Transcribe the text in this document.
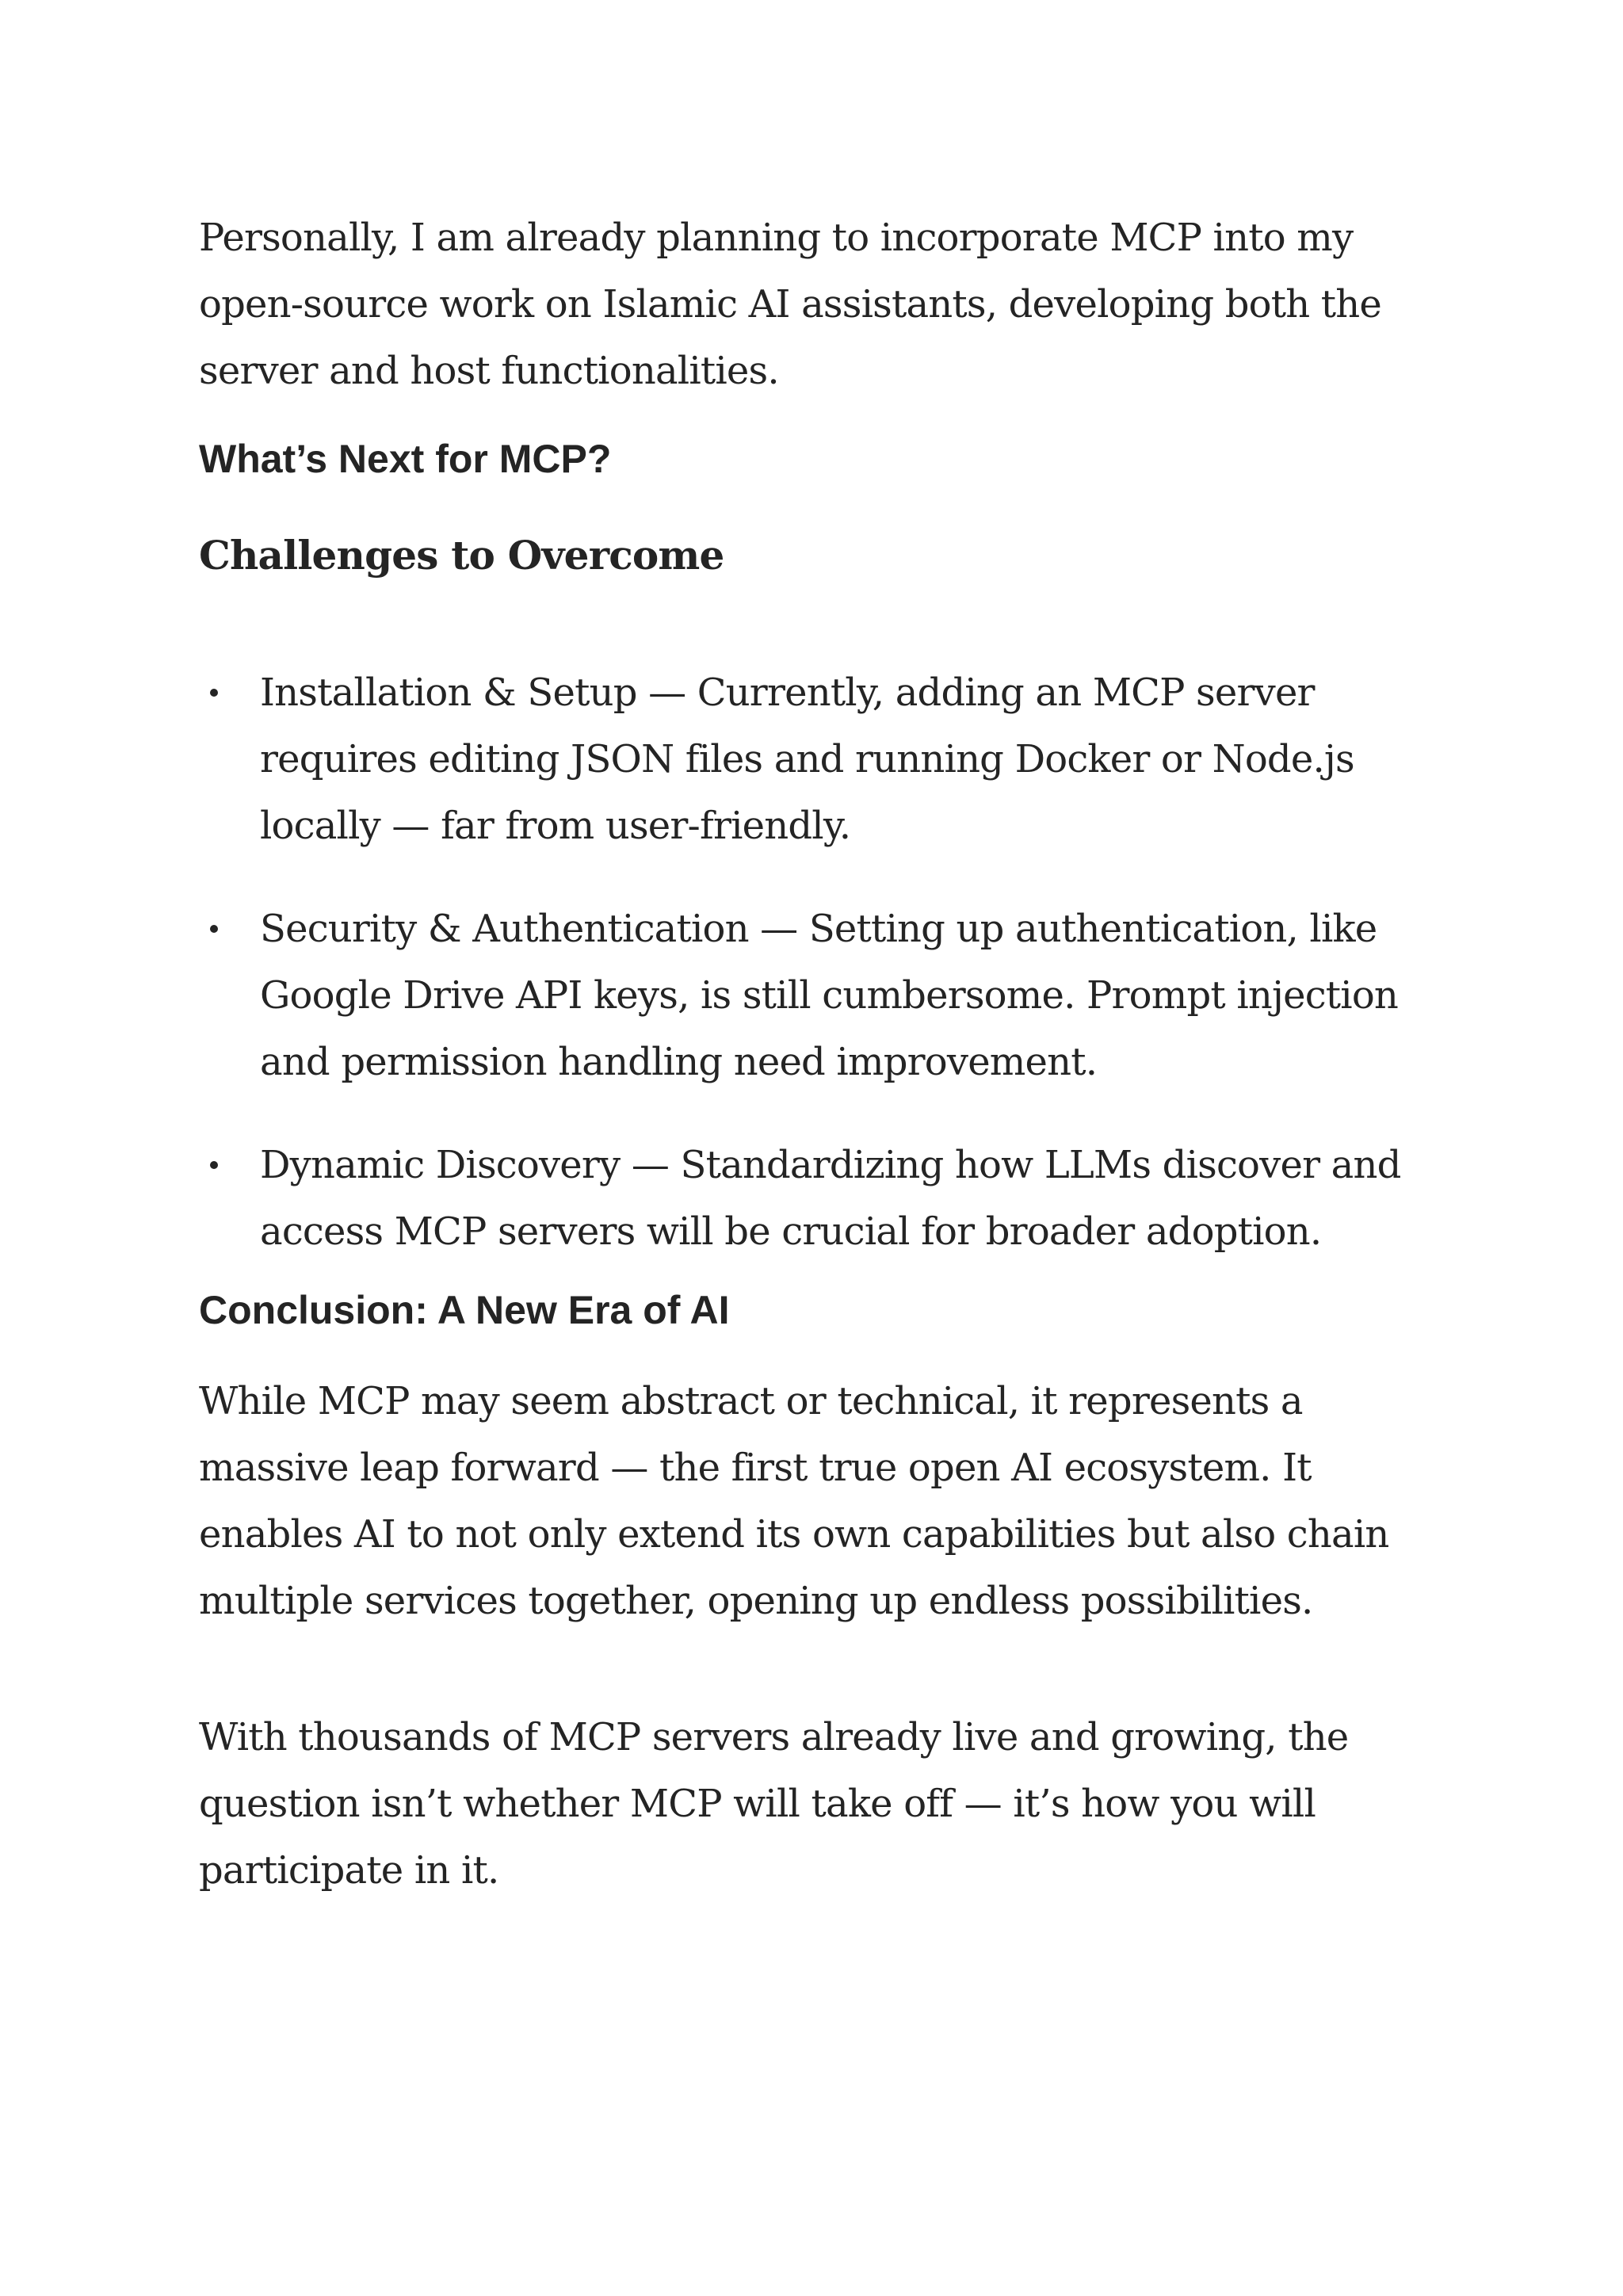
Personally, I am already planning to incorporate MCP into my open-source work on Islamic AI assistants, developing both the server and host functionalities.

What’s Next for MCP?
Challenges to Overcome

Installation & Setup — Currently, adding an MCP server requires editing JSON files and running Docker or Node.js locally — far from user-friendly.

Security & Authentication — Setting up authentication, like Google Drive API keys, is still cumbersome. Prompt injection and permission handling need improvement.

Dynamic Discovery — Standardizing how LLMs discover and access MCP servers will be crucial for broader adoption.

Conclusion: A New Era of AI

While MCP may seem abstract or technical, it represents a massive leap forward — the first true open AI ecosystem. It enables AI to not only extend its own capabilities but also chain multiple services together, opening up endless possibilities.

With thousands of MCP servers already live and growing, the question isn’t whether MCP will take off — it’s how you will participate in it.
